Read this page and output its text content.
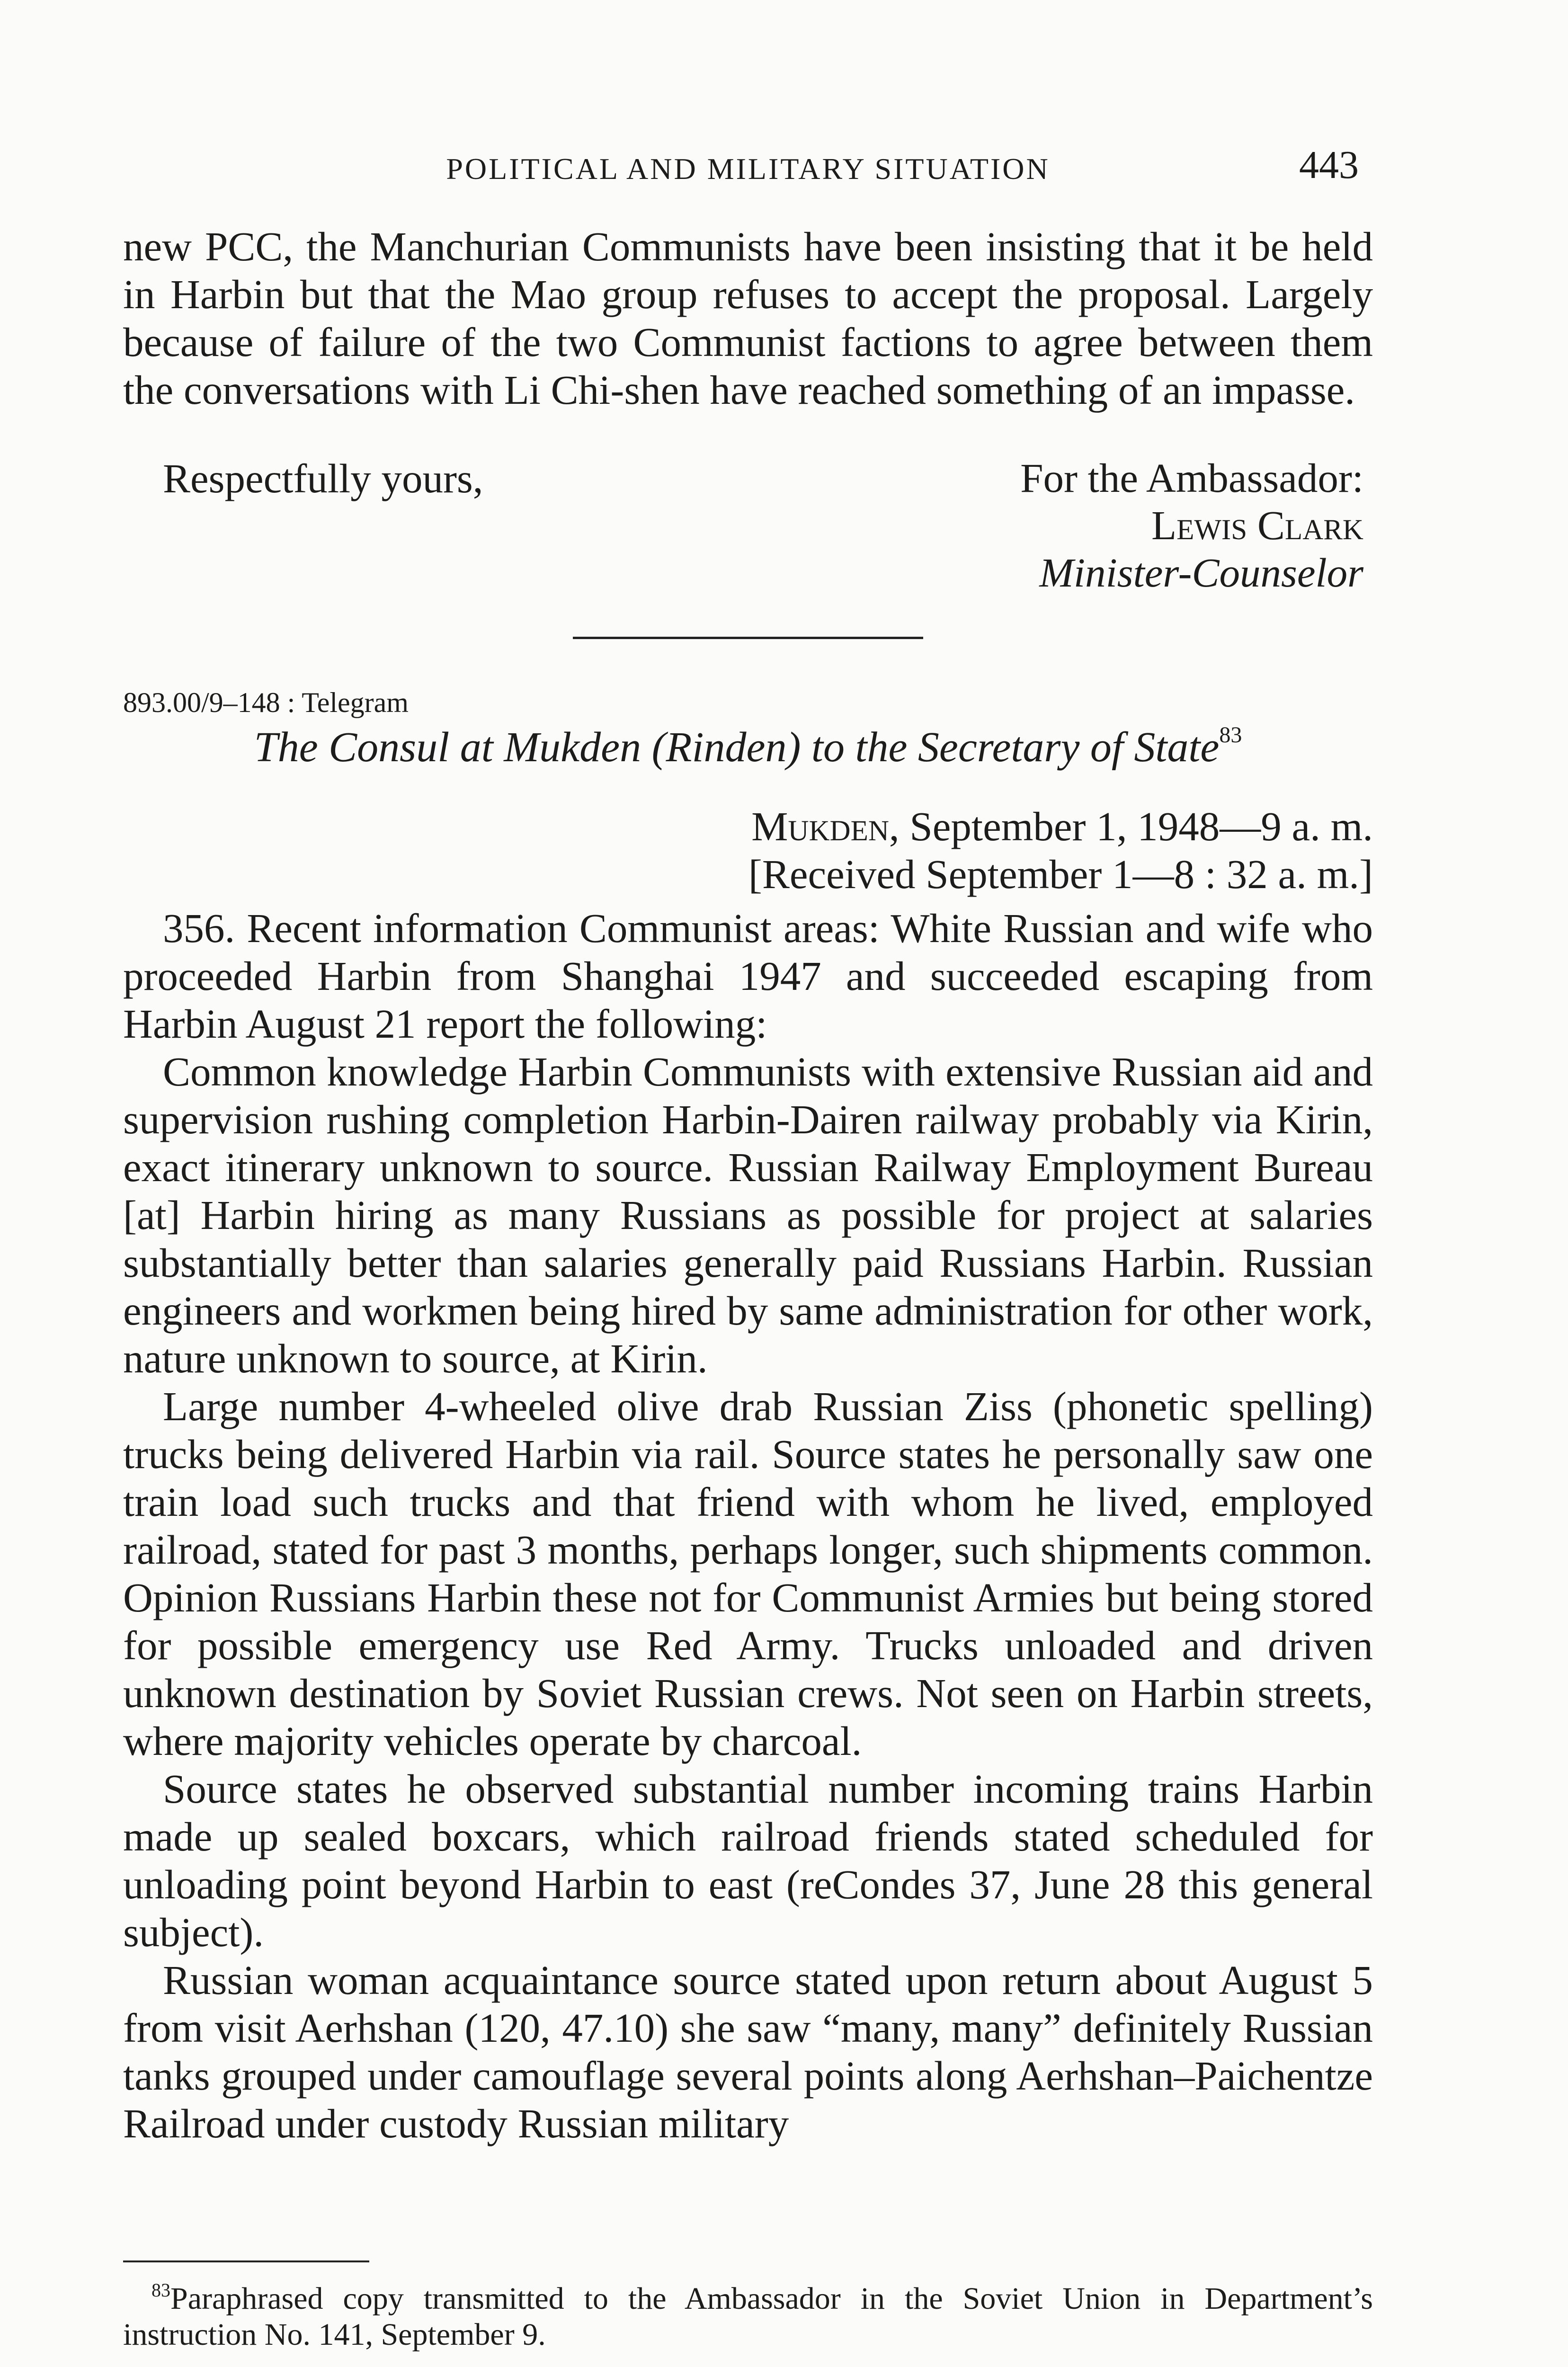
POLITICAL AND MILITARY SITUATION	443

new PCC, the Manchurian Communists have been insisting that it be held in Harbin but that the Mao group refuses to accept the proposal. Largely because of failure of the two Communist factions to agree between them the conversations with Li Chi-shen have reached something of an impasse.

Respectfully yours,	For the Ambassador:
Lewis Clark
Minister-Counselor
893.00/9–148 : Telegram
The Consul at Mukden (Rinden) to the Secretary of State$^{83}$
Mukden, September 1, 1948—9 a. m.
[Received September 1—8 : 32 a. m.]

356. Recent information Communist areas: White Russian and wife who proceeded Harbin from Shanghai 1947 and succeeded escaping from Harbin August 21 report the following:

Common knowledge Harbin Communists with extensive Russian aid and supervision rushing completion Harbin-Dairen railway probably via Kirin, exact itinerary unknown to source. Russian Railway Employment Bureau [at] Harbin hiring as many Russians as possible for project at salaries substantially better than salaries generally paid Russians Harbin. Russian engineers and workmen being hired by same administration for other work, nature unknown to source, at Kirin.

Large number 4-wheeled olive drab Russian Ziss (phonetic spelling) trucks being delivered Harbin via rail. Source states he personally saw one train load such trucks and that friend with whom he lived, employed railroad, stated for past 3 months, perhaps longer, such shipments common. Opinion Russians Harbin these not for Communist Armies but being stored for possible emergency use Red Army. Trucks unloaded and driven unknown destination by Soviet Russian crews. Not seen on Harbin streets, where majority vehicles operate by charcoal.

Source states he observed substantial number incoming trains Harbin made up sealed boxcars, which railroad friends stated scheduled for unloading point beyond Harbin to east (reCondes 37, June 28 this general subject).

Russian woman acquaintance source stated upon return about August 5 from visit Aerhshan (120, 47.10) she saw “many, many” definitely Russian tanks grouped under camouflage several points along Aerhshan–Paichentze Railroad under custody Russian military

$^{83}$Paraphrased copy transmitted to the Ambassador in the Soviet Union in Department’s instruction No. 141, September 9.
